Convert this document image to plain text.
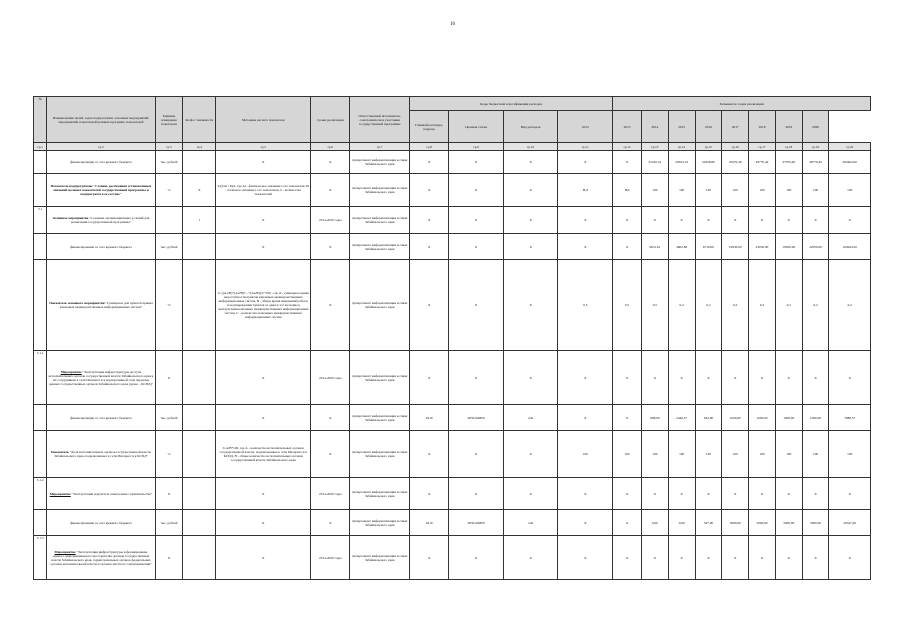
16
№	Наименование целей, задач подпрограмм, основных мероприятий, мероприятий, показателей целевых программ, показателей	Единица измерения показателя	Коэф-т значимости	Методика расчета показателя	Сроки реализации	Ответственный исполнитель, соисполнители и участники государственной программы	Коды бюджетной классификации расходов				Значения по годам реализации								
							Главный распоряд., подразд.	Целевая статья	Вид расходов	2012	2013	2014	2015	2016	2017	2018	2019	2020	
гр.1	гр.2	гр.3	гр.4	гр.5	гр.6	гр.7	гр.8	гр.9	гр.10	гр.11	гр.12	гр.13	гр.14	гр.15	гр.16	гр.17	гр.18	гр.19	гр.20
	финансирование за счет краевого бюджета	тыс. рублей		X	X	Департамент информатизации и связи Забайкальского края	X	X	X	X	X	35410,01	29633,19	24458,80	47670,40	49770,40	47670,40	49770,40	284462,60
	Показатель подпрограммы "Степень достижения установленных значений целевых показателей государственной программы и подпрограмм в ее составе"	%	X	I=(ΣAi / Б)/n, где Ai - фактическое значение i-ого показателя, Бi - плановое значение i-ого показателя, n - количество показателей	X	Департамент информатизации и связи Забайкальского края	X	X	X	НД	НД	100	100	100	100	100	100	100	100
5.1	Основное мероприятие "Создание организационных условий для реализации государственной программы"		1	X	2014-2020 годы	Департамент информатизации и связи Забайкальского края	X	X	X	X	X	X	X	X	X	X	X	X	X
	финансирование за счет краевого бюджета	тыс. рублей		X	X	Департамент информатизации и связи Забайкальского края	X	X	X	X	X	9631,61	4602,89	6710,00	19950,00	22050,00	19950,00	22050,00	104944,50
	Показатель основного мероприятия "Суммарное для пунктов приема ключевых межведомственных информационных систем"	%		I= ((A1/B)+(A2/B)+...+(An/B))/C*100 , где A - суммарное время недоступности пунктов ключевых межведомственных информационных систем, B - общее время изменений работы и подтверждения пунктов за один и тот же период эксплуатации ключевых межведомственных информационных систем, C - количество ключевых межведомственных информационных систем	X	Департамент информатизации и связи Забайкальского края	X	X	X	0,5	0,5	0,5	0,2	0,2	0,2	0,2	0,2	0,2	0,2
5.1.1	Мероприятие "Эксплуатация инфраструктуры доступа исполнительных органов государственной власти Забайкальского края к их сотрудникам к сети Интернет и к корпоративной сети передачи данных государственных органов Забайкальского края (далее – КСПД)"	X		X	2014-2020 годы	Департамент информатизации и связи Забайкальского края	X	X	X	X	X	X	X	X	X	X	X	X	X
	финансирование за счет краевого бюджета	тыс. рублей		X	X	Департамент информатизации и связи Забайкальского края	0410	0650104800	242	X	X	608,00	2446,57	632,00	1000,00	1000,00	1000,00	1000,00	7686,57
	Показатель "Доля исполнительных органов государственной власти Забайкальского края, подключенных к сети Интернет и к КСПД"	%		I=A/B*100, где A - количество исполнительных органов государственной власти, подключенных к сети Интернет и к КСПД, B - общее количество исполнительных органов государственной власти Забайкальского края	X	Департамент информатизации и связи Забайкальского края	X	X	X	100	100	100	100	100	100	100	100	100	100
5.1.2	Мероприятие "Эксплуатация подсистем электронного правительства"	X		X	2014-2020 годы	Департамент информатизации и связи Забайкальского края	X	X	X	X	X	X	X	X	X	X	X	X	X
	финансирование за счет краевого бюджета	тыс. рублей		X	X	Департамент информатизации и связи Забайкальского края	0410	0650104800	242	X	X	0,00	0,00	547,00	5000,00	5000,00	5000,00	5000,00	20547,00
5.1.3	Мероприятие "Эксплуатация инфраструктуры и формирование единого информационного пространства органов государственной власти Забайкальского края, территориальных органов федеральных органов исполнительной власти и органов местного самоуправления"	X		X	2014-2020 годы	Департамент информатизации и связи Забайкальского края	X	X	X	X	X	X	X	X	X	X	X	X	X
